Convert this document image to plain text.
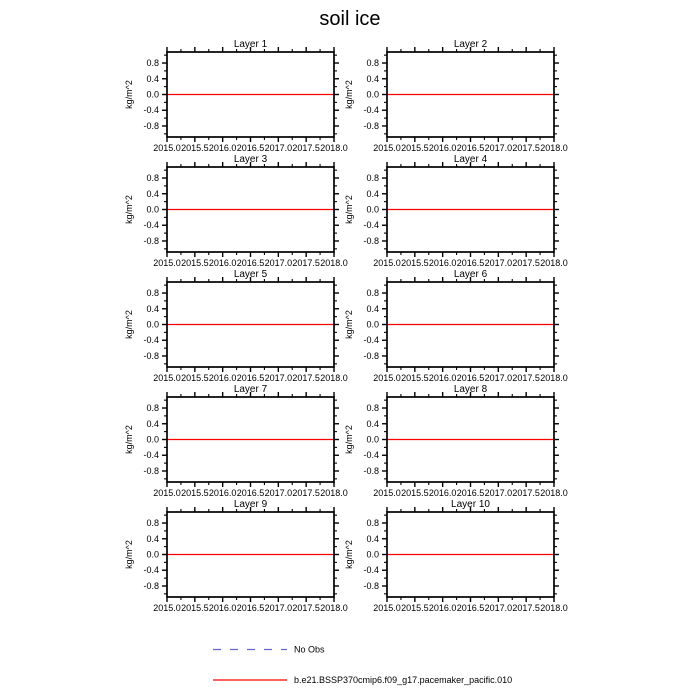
soil ice
Layer 1
2015.0 2015.5 2016.0 2016.5 2017.0 2017.5 2018.0
0.8
0.4
0.0
-0.4
-0.8
kg/m^2
Layer 2
2015.0 2015.5 2016.0 2016.5 2017.0 2017.5 2018.0
0.8
0.4
0.0
-0.4
-0.8
kg/m^2
Layer 3
2015.0 2015.5 2016.0 2016.5 2017.0 2017.5 2018.0
0.8
0.4
0.0
-0.4
-0.8
kg/m^2
Layer 4
2015.0 2015.5 2016.0 2016.5 2017.0 2017.5 2018.0
0.8
0.4
0.0
-0.4
-0.8
kg/m^2
Layer 5
2015.0 2015.5 2016.0 2016.5 2017.0 2017.5 2018.0
0.8
0.4
0.0
-0.4
-0.8
kg/m^2
Layer 6
2015.0 2015.5 2016.0 2016.5 2017.0 2017.5 2018.0
0.8
0.4
0.0
-0.4
-0.8
kg/m^2
Layer 7
2015.0 2015.5 2016.0 2016.5 2017.0 2017.5 2018.0
0.8
0.4
0.0
-0.4
-0.8
kg/m^2
Layer 8
2015.0 2015.5 2016.0 2016.5 2017.0 2017.5 2018.0
0.8
0.4
0.0
-0.4
-0.8
kg/m^2
Layer 9
2015.0 2015.5 2016.0 2016.5 2017.0 2017.5 2018.0
0.8
0.4
0.0
-0.4
-0.8
kg/m^2
Layer 10
2015.0 2015.5 2016.0 2016.5 2017.0 2017.5 2018.0
0.8
0.4
0.0
-0.4
-0.8
kg/m^2
No Obs
b.e21.BSSP370cmip6.f09_g17.pacemaker_pacific.010
